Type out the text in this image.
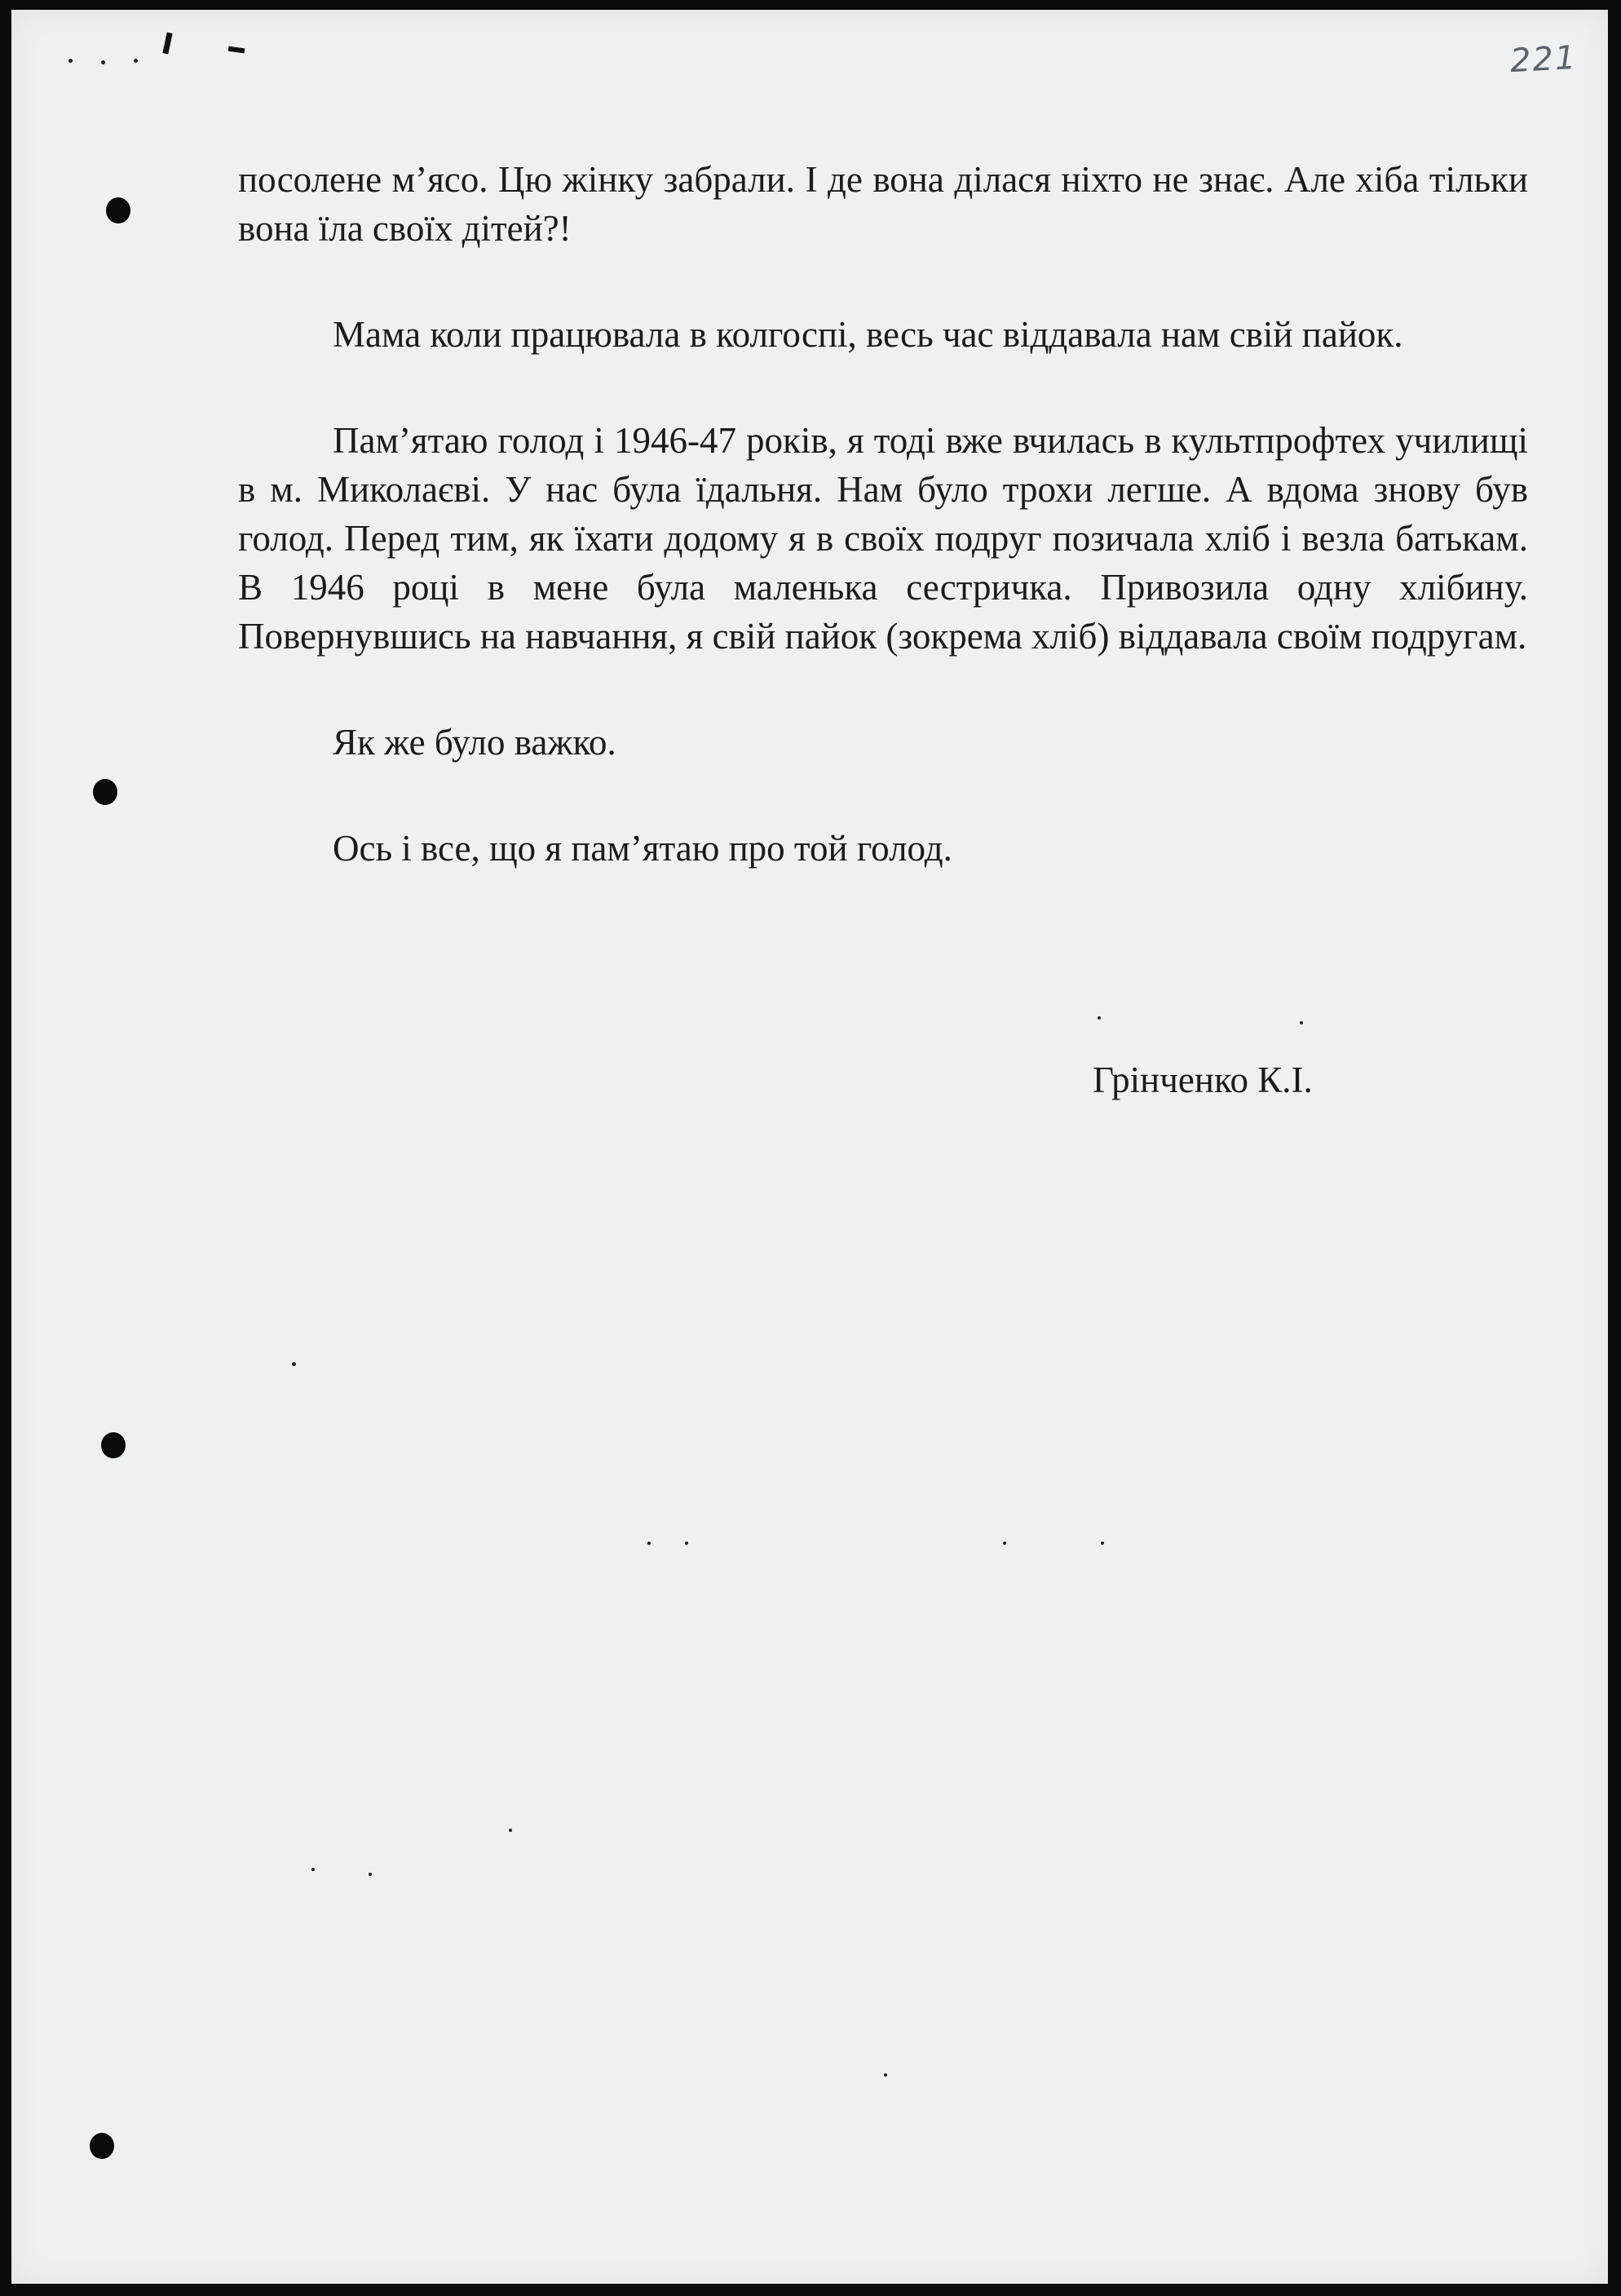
221

посолене м’ясо. Цю жінку забрали. І де вона ділася ніхто не знає. Але хіба тільки вона їла своїх дітей?!

Мама коли працювала в колгоспі, весь час віддавала нам свій пайок.

Пам’ятаю голод і 1946-47 років, я тоді вже вчилась в культпрофтех училищі в м. Миколаєві. У нас була їдальня. Нам було трохи легше. А вдома знову був голод. Перед тим, як їхати додому я в своїх подруг позичала хліб і везла батькам. В 1946 році в мене була маленька сестричка. Привозила одну хлібину. Повернувшись на навчання, я свій пайок (зокрема хліб) віддавала своїм подругам.

Як же було важко.

Ось і все, що я пам’ятаю про той голод.

Грінченко К.І.
